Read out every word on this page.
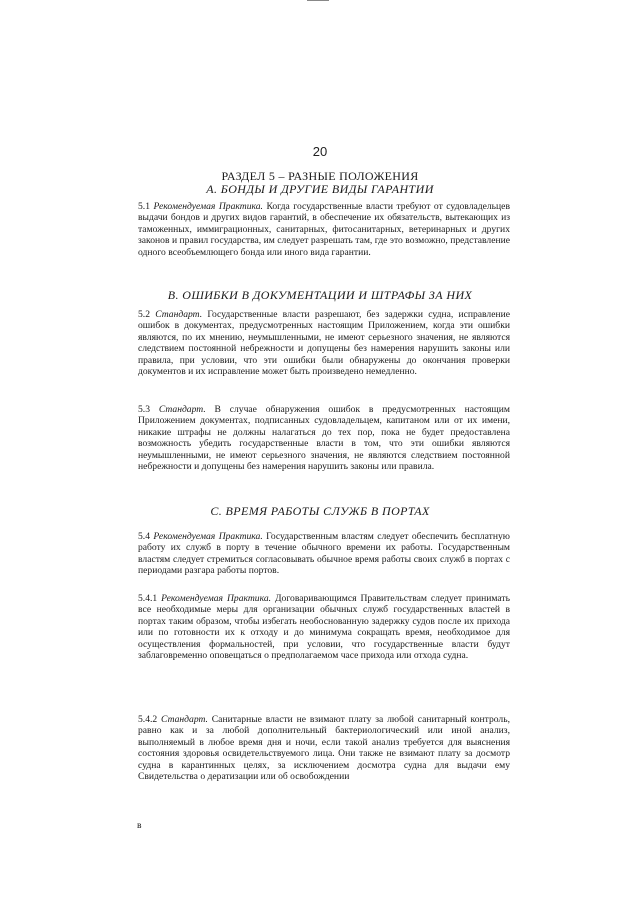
20
РАЗДЕЛ 5 – РАЗНЫЕ ПОЛОЖЕНИЯ
А. БОНДЫ И ДРУГИЕ ВИДЫ ГАРАНТИИ

5.1 Рекомендуемая Практика. Когда государственные власти требуют от судовладельцев выдачи бондов и других видов гарантий, в обеспечение их обязательств, вытекающих из таможенных, иммиграционных, санитарных, фитосанитарных, ветеринарных и других законов и правил государства, им следует разрешать там, где это возможно, представление одного всеобъемлющего бонда или иного вида гарантии.

В. ОШИБКИ В ДОКУМЕНТАЦИИ И ШТРАФЫ ЗА НИХ

5.2 Стандарт. Государственные власти разрешают, без задержки судна, исправление ошибок в документах, предусмотренных настоящим Приложением, когда эти ошибки являются, по их мнению, неумышленными, не имеют серьезного значения, не являются следствием постоянной небрежности и допущены без намерения нарушить законы или правила, при условии, что эти ошибки были обнаружены до окончания проверки документов и их исправление может быть произведено немедленно.

5.3 Стандарт. В случае обнаружения ошибок в предусмотренных настоящим Приложением документах, подписанных судовладельцем, капитаном или от их имени, никакие штрафы не должны налагаться до тех пор, пока не будет предоставлена возможность убедить государственные власти в том, что эти ошибки являются неумышленными, не имеют серьезного значения, не являются следствием постоянной небрежности и допущены без намерения нарушить законы или правила.

С. ВРЕМЯ РАБОТЫ СЛУЖБ В ПОРТАХ

5.4 Рекомендуемая Практика. Государственным властям следует обеспечить бесплатную работу их служб в порту в течение обычного времени их работы. Государственным властям следует стремиться согласовывать обычное время работы своих служб в портах с периодами разгара работы портов.

5.4.1 Рекомендуемая Практика. Договаривающимся Правительствам следует принимать все необходимые меры для организации обычных служб государственных властей в портах таким образом, чтобы избегать необоснованную задержку судов после их прихода или по готовности их к отходу и до минимума сокращать время, необходимое для осуществления формальностей, при условии, что государственные власти будут заблаговременно оповещаться о предполагаемом часе прихода или отхода судна.

5.4.2 Стандарт. Санитарные власти не взимают плату за любой санитарный контроль, равно как и за любой дополнительный бактериологический или иной анализ, выполняемый в любое время дня и ночи, если такой анализ требуется для выяснения состояния здоровья освидетельствуемого лица. Они также не взимают плату за досмотр судна в карантинных целях, за исключением досмотра судна для выдачи ему Свидетельства о дератизации или об освобождении

в
